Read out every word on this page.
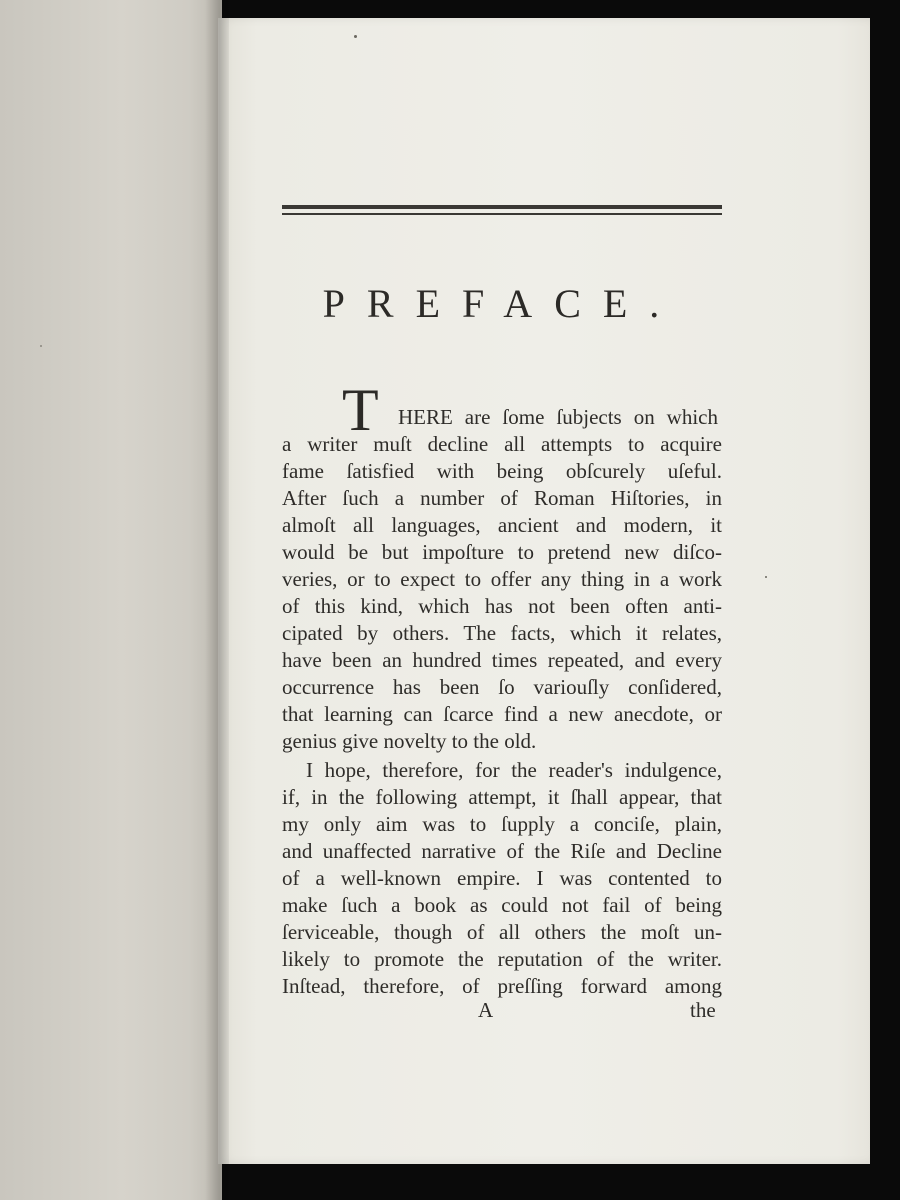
PREFACE.
T HERE are ſome ſubjects on which
a writer muſt decline all attempts to acquire
fame ſatisfied with being obſcurely uſeful.
After ſuch a number of Roman Hiſtories, in
almoſt all languages, ancient and modern, it
would be but impoſture to pretend new diſco-
veries, or to expect to offer any thing in a work
of this kind, which has not been often anti-
cipated by others. The facts, which it relates,
have been an hundred times repeated, and every
occurrence has been ſo variouſly conſidered,
that learning can ſcarce find a new anecdote, or
genius give novelty to the old.
I hope, therefore, for the reader's indulgence,
if, in the following attempt, it ſhall appear, that
my only aim was to ſupply a conciſe, plain,
and unaffected narrative of the Riſe and Decline
of a well-known empire. I was contented to
make ſuch a book as could not fail of being
ſerviceable, though of all others the moſt un-
likely to promote the reputation of the writer.
Inſtead, therefore, of preſſing forward among
A	the
